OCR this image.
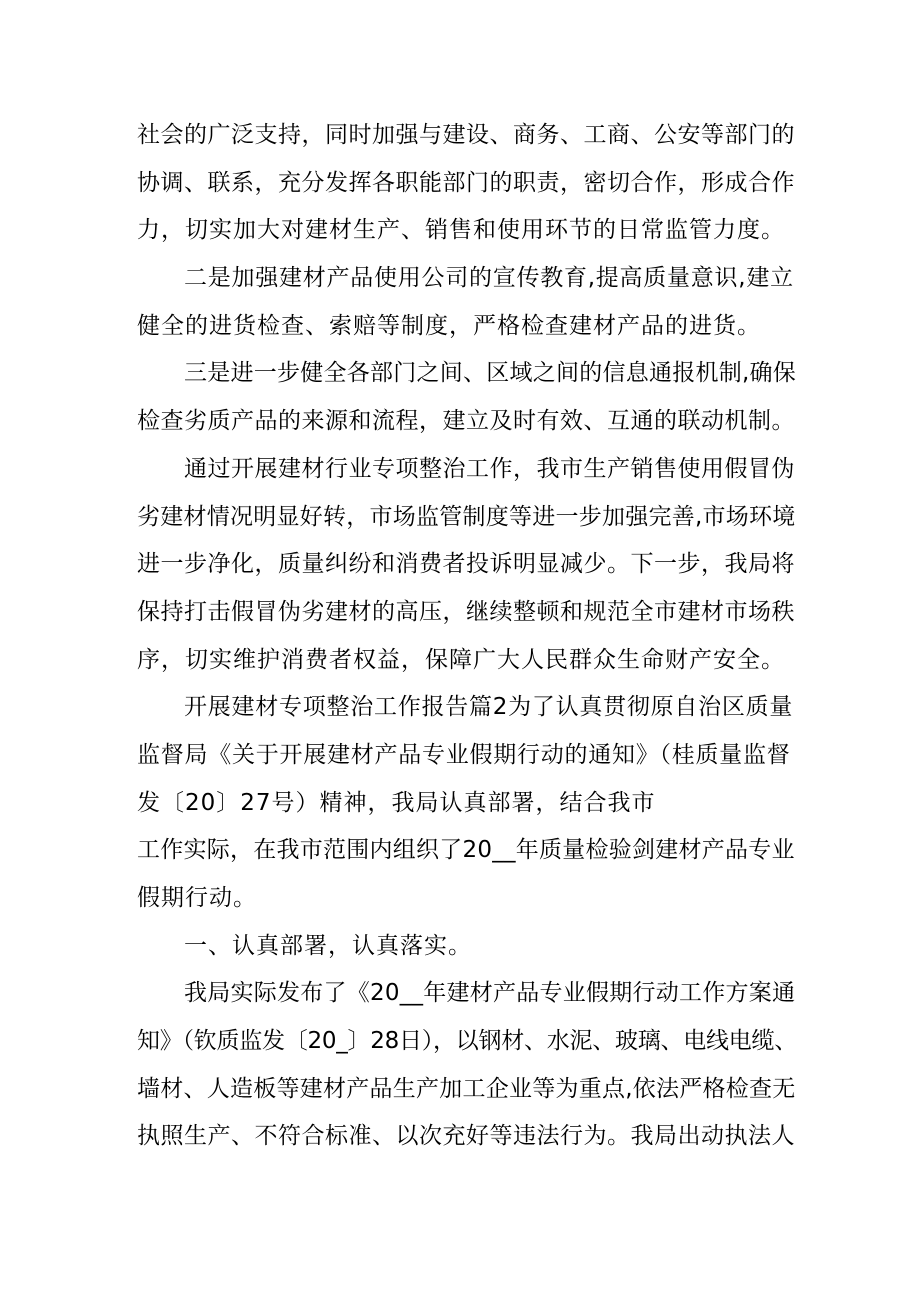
社会的广泛支持，同时加强与建设、商务、工商、公安等部门的
协调、联系，充分发挥各职能部门的职责，密切合作，形成合作
力，切实加大对建材生产、销售和使用环节的日常监管力度。
二是加强建材产品使用公司的宣传教育,提高质量意识,建立
健全的进货检查、索赔等制度，严格检查建材产品的进货。
三是进一步健全各部门之间、区域之间的信息通报机制,确保
检查劣质产品的来源和流程，建立及时有效、互通的联动机制。
通过开展建材行业专项整治工作，我市生产销售使用假冒伪
劣建材情况明显好转，市场监管制度等进一步加强完善,市场环境
进一步净化，质量纠纷和消费者投诉明显减少。下一步，我局将
保持打击假冒伪劣建材的高压，继续整顿和规范全市建材市场秩
序，切实维护消费者权益，保障广大人民群众生命财产安全。
开展建材专项整治工作报告篇2为了认真贯彻原自治区质量
监督局《关于开展建材产品专业假期行动的通知》（桂质量监督
发〔20〕27号）精神，我局认真部署，结合我市
工作实际，在我市范围内组织了20__年质量检验剑建材产品专业
假期行动。
一、认真部署，认真落实。
我局实际发布了《20__年建材产品专业假期行动工作方案通
知》（钦质监发〔20_〕28日），以钢材、水泥、玻璃、电线电缆、
墙材、人造板等建材产品生产加工企业等为重点,依法严格检查无
执照生产、不符合标准、以次充好等违法行为。我局出动执法人
